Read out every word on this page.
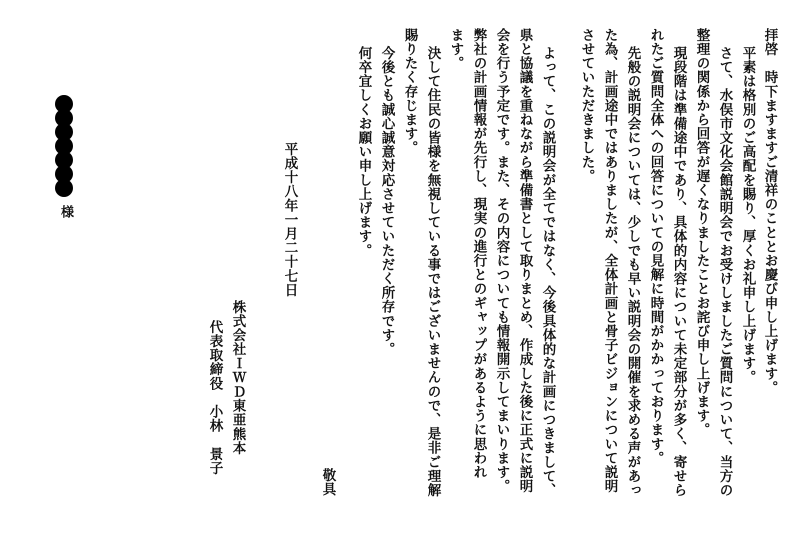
拝啓　時下ますますご清祥のこととお慶び申し上げます。
平素は格別のご高配を賜り、厚くお礼申し上げます。
さて、水俣市文化会館説明会でお受けしましたご質問について、当方の
整理の関係から回答が遅くなりましたことお詫び申し上げます。
現段階は準備途中であり、具体的内容について未定部分が多く、寄せら
れたご質問全体への回答についての見解に時間がかかっております。
先般の説明会については、少しでも早い説明会の開催を求める声があっ
た為、計画途中ではありましたが、全体計画と骨子ビジョンについて説明
させていただきました。
よって、この説明会が全てではなく、今後具体的な計画につきまして、
県と協議を重ねながら準備書として取りまとめ、作成した後に正式に説明
会を行う予定です。また、その内容についても情報開示してまいります。
弊社の計画情報が先行し、現実の進行とのギャップがあるように思われ
ます。
決して住民の皆様を無視している事ではございませんので、是非ご理解
賜りたく存じます。
今後とも誠心誠意対応させていただく所存です。
何卒宜しくお願い申し上げます。
敬具
平成十八年一月二十七日
株式会社ＩＷＤ東亜熊本
代表取締役　小林　景子
様
